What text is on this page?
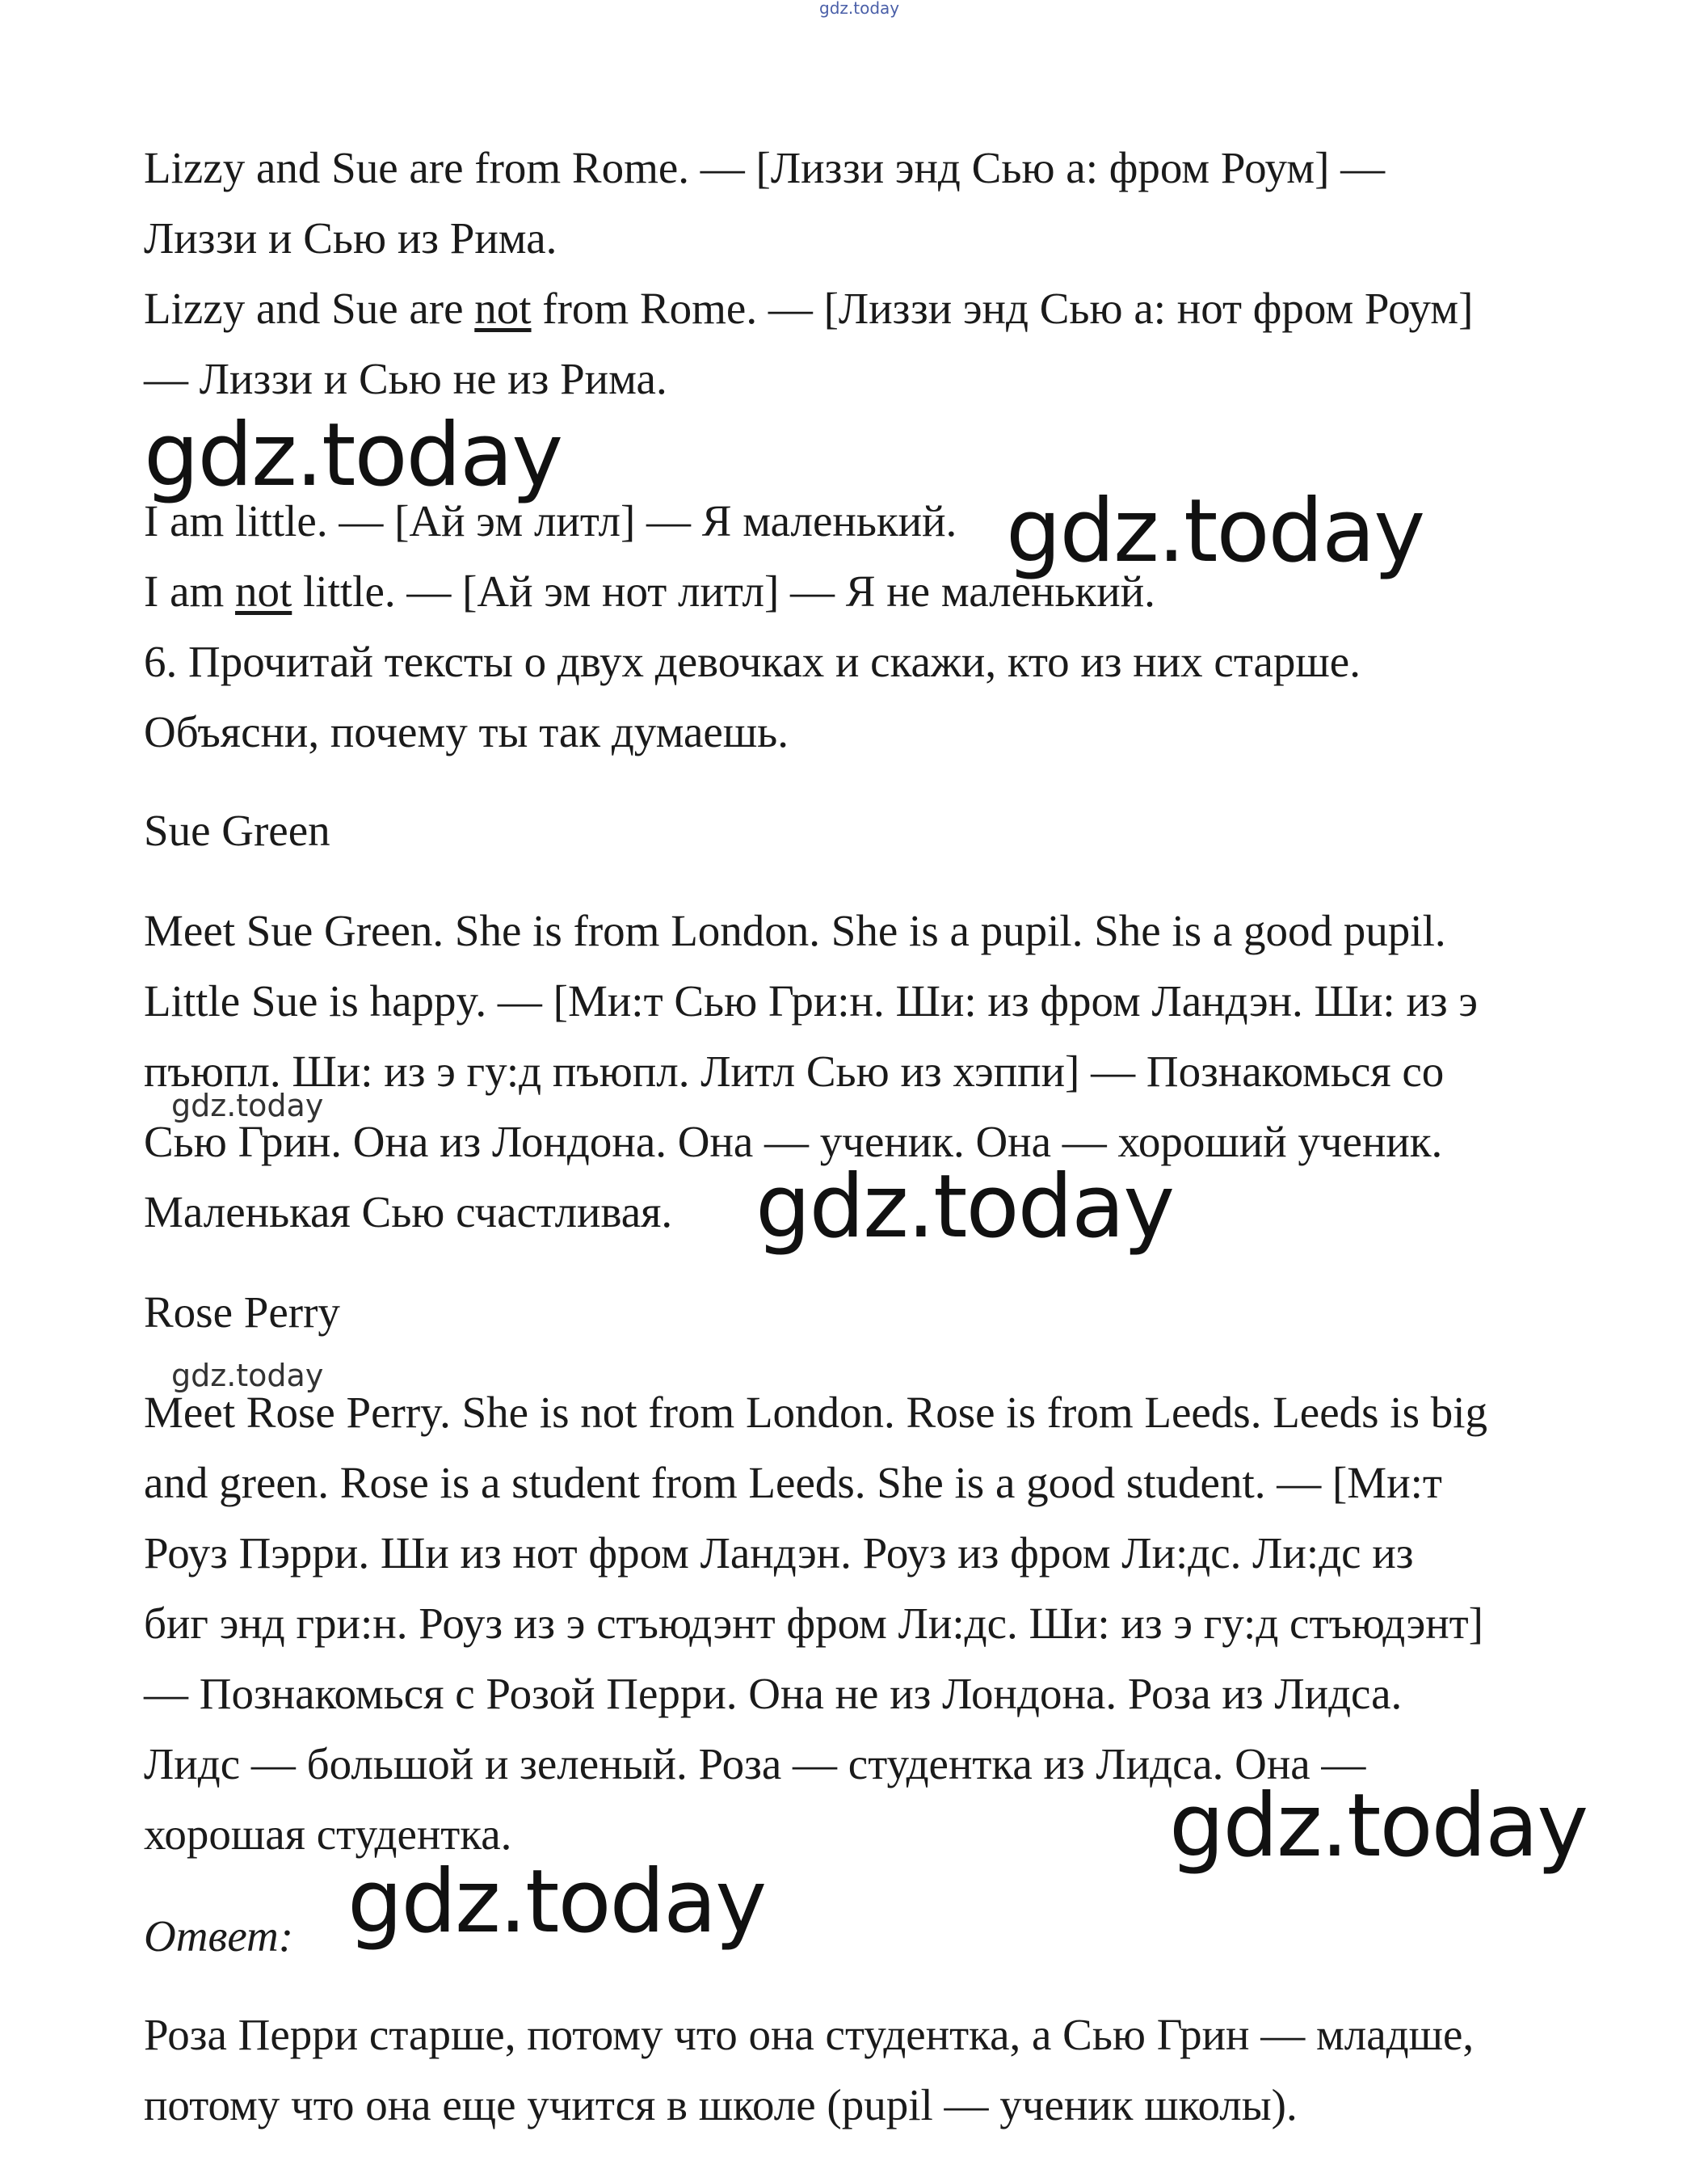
gdz.today
Lizzy and Sue are from Rome. — [Лиззи энд Сью а: фром Роум] —
Лиззи и Сью из Рима.
Lizzy and Sue are not from Rome. — [Лиззи энд Сью а: нот фром Роум]
— Лиззи и Сью не из Рима.
gdz.today
I am little. — [Ай эм литл] — Я маленький. gdz.today
I am not little. — [Ай эм нот литл] — Я не маленький.
6. Прочитай тексты о двух девочках и скажи, кто из них старше.
Объясни, почему ты так думаешь.
Sue Green
Meet Sue Green. She is from London. She is a pupil. She is a good pupil.
Little Sue is happy. — [Ми:т Сью Гри:н. Ши: из фром Ландэн. Ши: из э
пъюпл. Ши: из э гу:д пъюпл. Литл Сью из хэппи] — Познакомься со
gdz.today
Сью Грин. Она из Лондона. Она — ученик. Она — хороший ученик.
Маленькая Сью счастливая. gdz.today
Rose Perry
gdz.today
Meet Rose Perry. She is not from London. Rose is from Leeds. Leeds is big
and green. Rose is a student from Leeds. She is a good student. — [Ми:т
Роуз Пэрри. Ши из нот фром Ландэн. Роуз из фром Ли:дс. Ли:дс из
биг энд гри:н. Роуз из э стъюдэнт фром Ли:дс. Ши: из э гу:д стъюдэнт]
— Познакомься с Розой Перри. Она не из Лондона. Роза из Лидса.
Лидс — большой и зеленый. Роза — студентка из Лидса. Она —
хорошая студентка.	gdz.today
gdz.today
Ответ:
Роза Перри старше, потому что она студентка, а Сью Грин — младше,
потому что она еще учится в школе (pupil — ученик школы).
